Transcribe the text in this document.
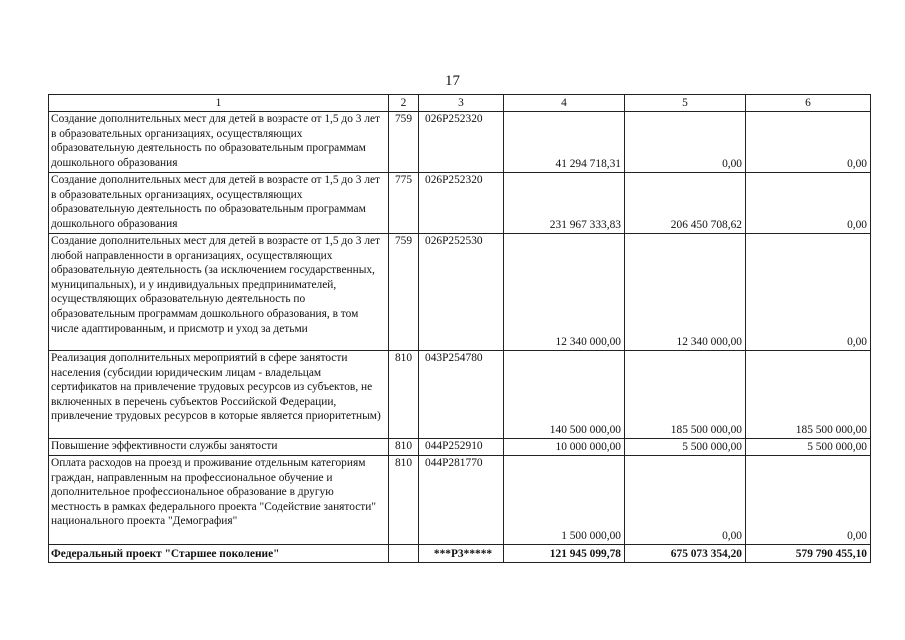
17
1	2	3	4	5	6
Создание дополнительных мест для детей в возрасте от 1,5 до 3 лет в образовательных организациях, осуществляющих образовательную деятельность по образовательным программам дошкольного образования	759	026P252320	41 294 718,31	0,00	0,00
Создание дополнительных мест для детей в возрасте от 1,5 до 3 лет в образовательных организациях, осуществляющих образовательную деятельность по образовательным программам дошкольного образования	775	026P252320	231 967 333,83	206 450 708,62	0,00
Создание дополнительных мест для детей в возрасте от 1,5 до 3 лет любой направленности в организациях, осуществляющих образовательную деятельность (за исключением государственных, муниципальных), и у индивидуальных предпринимателей, осуществляющих образовательную деятельность по образовательным программам дошкольного образования, в том числе адаптированным, и присмотр и уход за детьми	759	026P252530	12 340 000,00	12 340 000,00	0,00
Реализация дополнительных мероприятий в сфере занятости населения (субсидии юридическим лицам - владельцам сертификатов на привлечение трудовых ресурсов из субъектов, не включенных в перечень субъектов Российской Федерации, привлечение трудовых ресурсов в которые является приоритетным)	810	043P254780	140 500 000,00	185 500 000,00	185 500 000,00
Повышение эффективности службы занятости	810	044P252910	10 000 000,00	5 500 000,00	5 500 000,00
Оплата расходов на проезд и проживание отдельным категориям граждан, направленным на профессиональное обучение и дополнительное профессиональное образование в другую местность в рамках федерального проекта "Содействие занятости" национального проекта "Демография"	810	044P281770	1 500 000,00	0,00	0,00
Федеральный проект "Старшее поколение"		***P3*****	121 945 099,78	675 073 354,20	579 790 455,10
